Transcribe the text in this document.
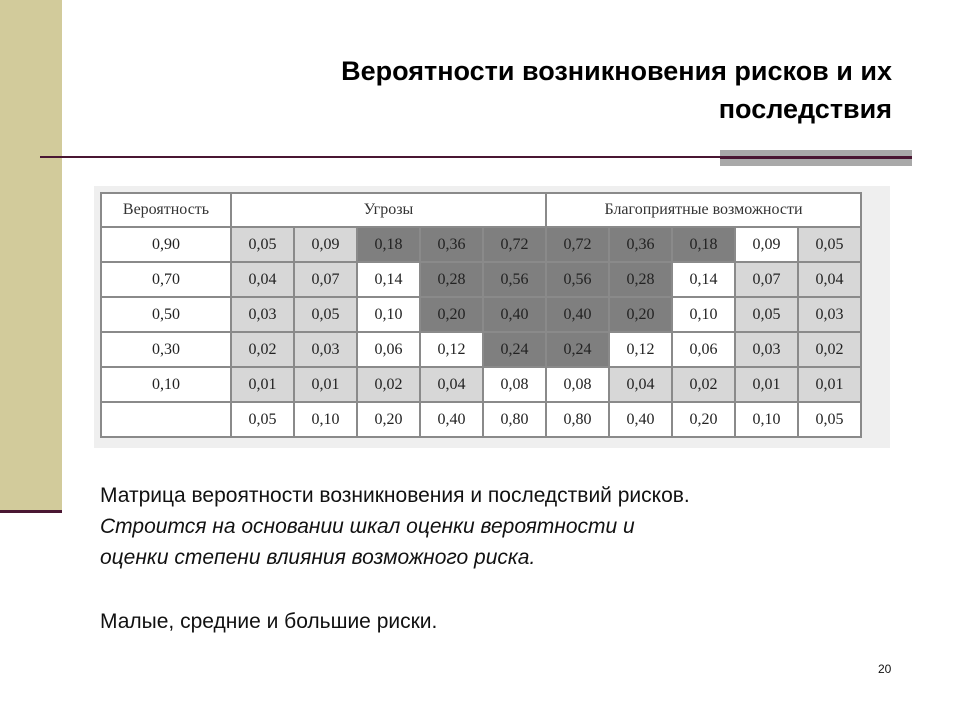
Вероятности возникновения рисков и их
последствия
Вероятность	Угрозы					Благоприятные возможности				
0,90	0,05	0,09	0,18	0,36	0,72	0,72	0,36	0,18	0,09	0,05
0,70	0,04	0,07	0,14	0,28	0,56	0,56	0,28	0,14	0,07	0,04
0,50	0,03	0,05	0,10	0,20	0,40	0,40	0,20	0,10	0,05	0,03
0,30	0,02	0,03	0,06	0,12	0,24	0,24	0,12	0,06	0,03	0,02
0,10	0,01	0,01	0,02	0,04	0,08	0,08	0,04	0,02	0,01	0,01
	0,05	0,10	0,20	0,40	0,80	0,80	0,40	0,20	0,10	0,05

Матрица вероятности возникновения и последствий рисков.

Строится на основании шкал оценки вероятности и

оценки степени влияния возможного риска.

Малые, средние и большие риски.

20
